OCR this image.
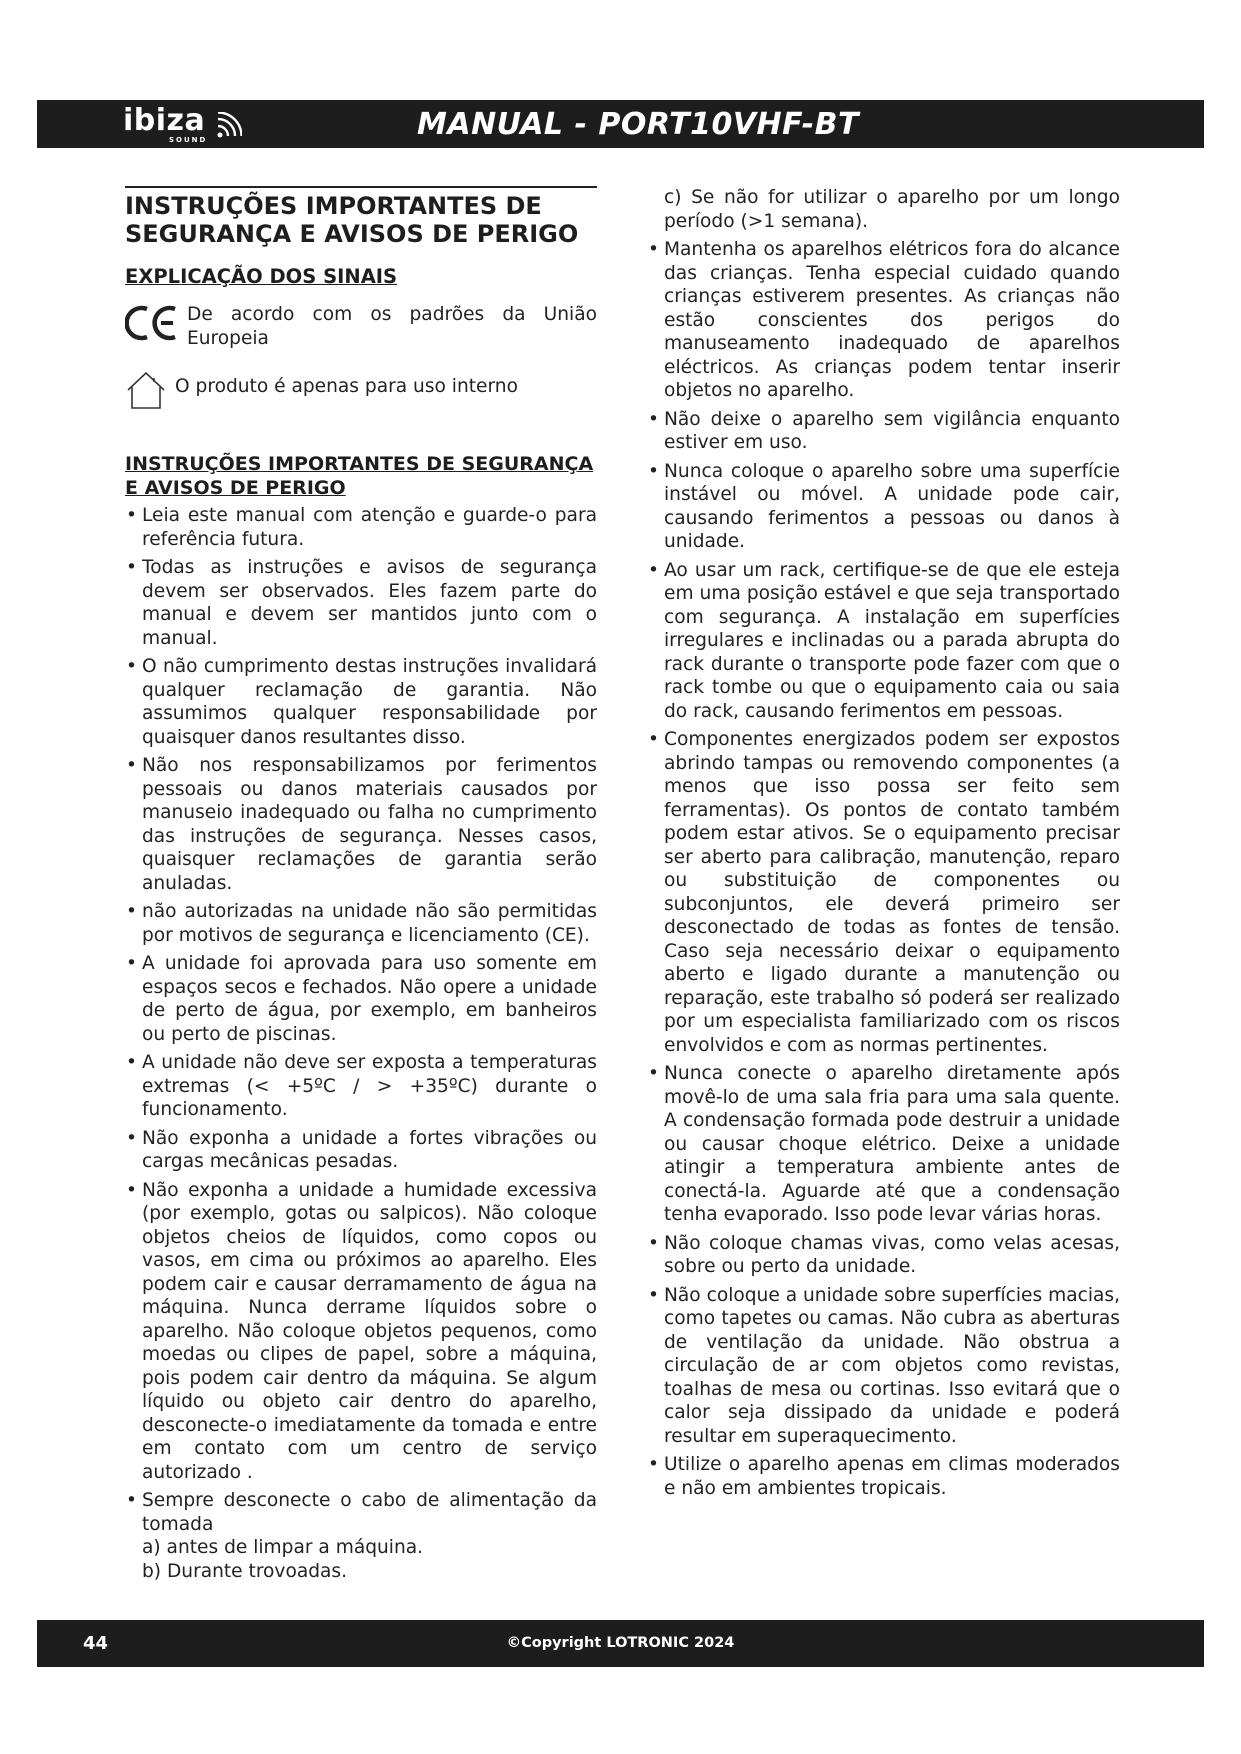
ibiza
SOUND	MANUAL - PORT10VHF-BT
INSTRUÇÕES IMPORTANTES DE SEGURANÇA E AVISOS DE PERIGO
EXPLICAÇÃO DOS SINAIS
De acordo com os padrões da União Europeia
O produto é apenas para uso interno
INSTRUÇÕES IMPORTANTES DE SEGURANÇA E AVISOS DE PERIGO
• Leia este manual com atenção e guarde-o para referência futura.
• Todas as instruções e avisos de segurança devem ser observados. Eles fazem parte do manual e devem ser mantidos junto com o manual.
• O não cumprimento destas instruções invalidará qualquer reclamação de garantia. Não assumimos qualquer responsabilidade por quaisquer danos resultantes disso.
• Não nos responsabilizamos por ferimentos pessoais ou danos materiais causados por manuseio inadequado ou falha no cumprimento das instruções de segurança. Nesses casos, quaisquer reclamações de garantia serão anuladas.
• não autorizadas na unidade não são permitidas por motivos de segurança e licenciamento (CE).
• A unidade foi aprovada para uso somente em espaços secos e fechados. Não opere a unidade de perto de água, por exemplo, em banheiros ou perto de piscinas.
• A unidade não deve ser exposta a temperaturas extremas (< +5ºC / > +35ºC) durante o funcionamento.
• Não exponha a unidade a fortes vibrações ou cargas mecânicas pesadas.
• Não exponha a unidade a humidade excessiva (por exemplo, gotas ou salpicos). Não coloque objetos cheios de líquidos, como copos ou vasos, em cima ou próximos ao aparelho. Eles podem cair e causar derramamento de água na máquina. Nunca derrame líquidos sobre o aparelho. Não coloque objetos pequenos, como moedas ou clipes de papel, sobre a máquina, pois podem cair dentro da máquina. Se algum líquido ou objeto cair dentro do aparelho, desconecte-o imediatamente da tomada e entre em contato com um centro de serviço autorizado .
• Sempre desconecte o cabo de alimentação da tomada
a) antes de limpar a máquina.
b) Durante trovoadas.
c) Se não for utilizar o aparelho por um longo período (>1 semana).
• Mantenha os aparelhos elétricos fora do alcance das crianças. Tenha especial cuidado quando crianças estiverem presentes. As crianças não estão conscientes dos perigos do manuseamento inadequado de aparelhos eléctricos. As crianças podem tentar inserir objetos no aparelho.
• Não deixe o aparelho sem vigilância enquanto estiver em uso.
• Nunca coloque o aparelho sobre uma superfície instável ou móvel. A unidade pode cair, causando ferimentos a pessoas ou danos à unidade.
• Ao usar um rack, certifique-se de que ele esteja em uma posição estável e que seja transportado com segurança. A instalação em superfícies irregulares e inclinadas ou a parada abrupta do rack durante o transporte pode fazer com que o rack tombe ou que o equipamento caia ou saia do rack, causando ferimentos em pessoas.
• Componentes energizados podem ser expostos abrindo tampas ou removendo componentes (a menos que isso possa ser feito sem ferramentas). Os pontos de contato também podem estar ativos. Se o equipamento precisar ser aberto para calibração, manutenção, reparo ou substituição de componentes ou subconjuntos, ele deverá primeiro ser desconectado de todas as fontes de tensão. Caso seja necessário deixar o equipamento aberto e ligado durante a manutenção ou reparação, este trabalho só poderá ser realizado por um especialista familiarizado com os riscos envolvidos e com as normas pertinentes.
• Nunca conecte o aparelho diretamente após movê-lo de uma sala fria para uma sala quente. A condensação formada pode destruir a unidade ou causar choque elétrico. Deixe a unidade atingir a temperatura ambiente antes de conectá-la. Aguarde até que a condensação tenha evaporado. Isso pode levar várias horas.
• Não coloque chamas vivas, como velas acesas, sobre ou perto da unidade.
• Não coloque a unidade sobre superfícies macias, como tapetes ou camas. Não cubra as aberturas de ventilação da unidade. Não obstrua a circulação de ar com objetos como revistas, toalhas de mesa ou cortinas. Isso evitará que o calor seja dissipado da unidade e poderá resultar em superaquecimento.
• Utilize o aparelho apenas em climas moderados e não em ambientes tropicais.
44	©Copyright LOTRONIC 2024
